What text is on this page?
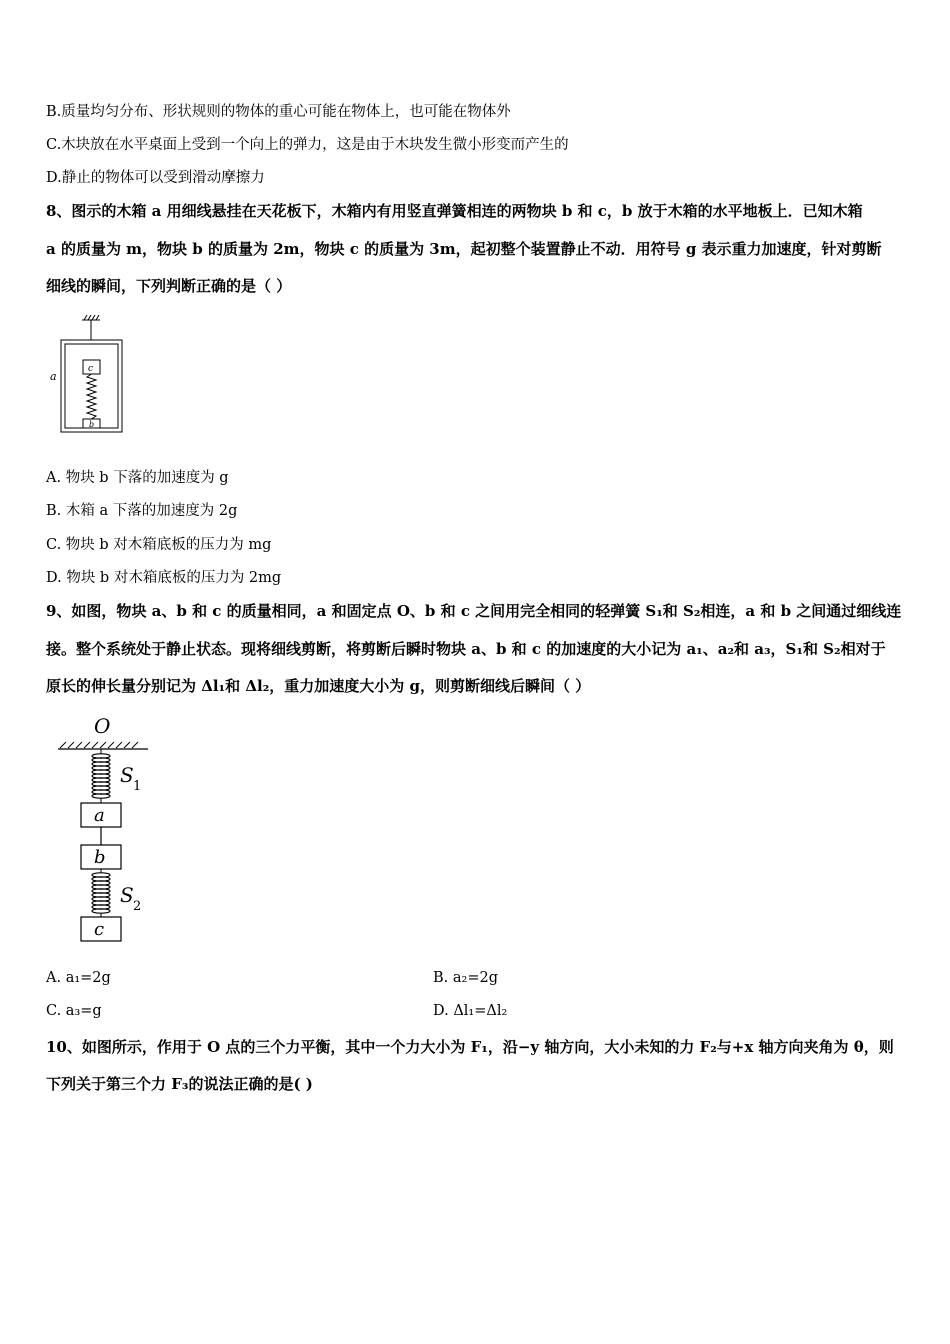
B.质量均匀分布、形状规则的物体的重心可能在物体上，也可能在物体外
C.木块放在水平桌面上受到一个向上的弹力，这是由于木块发生微小形变而产生的
D.静止的物体可以受到滑动摩擦力
8、图示的木箱 a 用细线悬挂在天花板下，木箱内有用竖直弹簧相连的两物块 b 和 c，b 放于木箱的水平地板上．已知木箱
a 的质量为 m，物块 b 的质量为 2m，物块 c 的质量为 3m，起初整个装置静止不动．用符号 g 表示重力加速度，针对剪断
细线的瞬间，下列判断正确的是（ ）
c
b
a
A. 物块 b 下落的加速度为 g
B. 木箱 a 下落的加速度为 2g
C. 物块 b 对木箱底板的压力为 mg
D. 物块 b 对木箱底板的压力为 2mg
9、如图，物块 a、b 和 c 的质量相同，a 和固定点 O、b 和 c 之间用完全相同的轻弹簧 S₁和 S₂相连，a 和 b 之间通过细线连
接。整个系统处于静止状态。现将细线剪断，将剪断后瞬时物块 a、b 和 c 的加速度的大小记为 a₁、a₂和 a₃，S₁和 S₂相对于
原长的伸长量分别记为 Δl₁和 Δl₂，重力加速度大小为 g，则剪断细线后瞬间（ ）
O
S 1
a
b
S 2
c
A. a₁=2g	B. a₂=2g
C. a₃=g	D. Δl₁=Δl₂
10、如图所示，作用于 O 点的三个力平衡，其中一个力大小为 F₁，沿−y 轴方向，大小未知的力 F₂与+x 轴方向夹角为 θ，则
下列关于第三个力 F₃的说法正确的是( )
